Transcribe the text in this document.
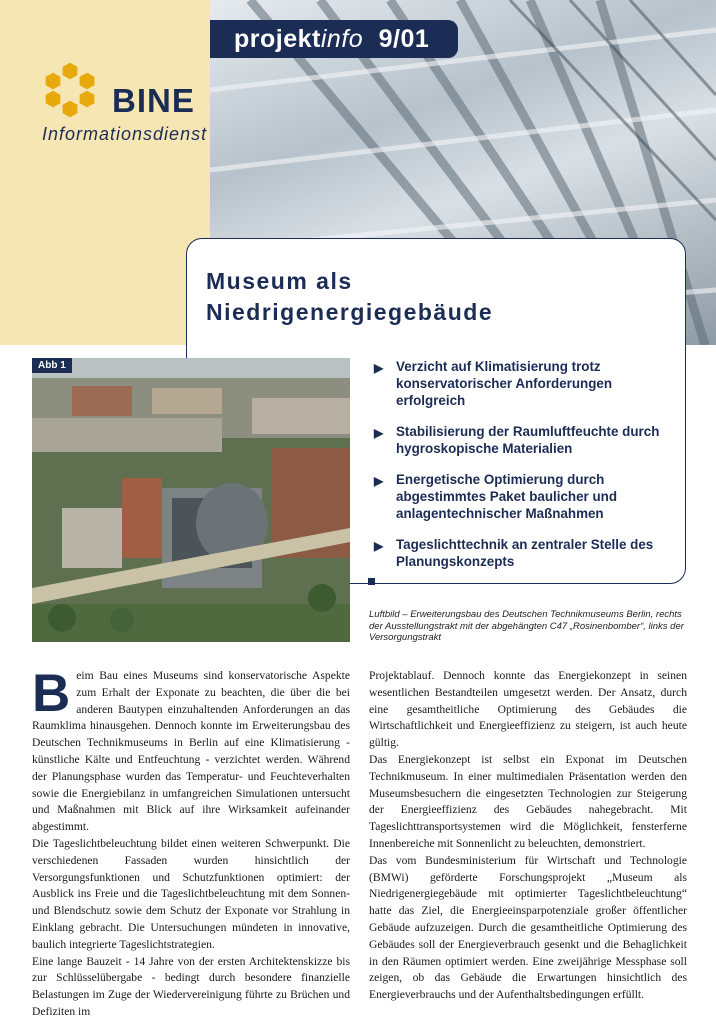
projektinfo 9/01
BINE
Informationsdienst
Museum als
Niedrigenergiegebäude
Abb 1	▶ Verzicht auf Klimatisierung trotz konservatorischer Anforderungen erfolgreich
▶ Stabilisierung der Raumluftfeuchte durch hygroskopische Materialien
▶ Energetische Optimierung durch abgestimmtes Paket baulicher und anlagentechnischer Maßnahmen
▶ Tageslichttechnik an zentraler Stelle des Planungskonzepts

Luftbild – Erweiterungsbau des Deutschen Technikmuseums Berlin, rechts der Ausstellungstrakt mit der abgehängten C47 „Rosinenbomber“, links der Versorgungstrakt

Beim Bau eines Museums sind konservatorische Aspekte zum Erhalt der Exponate zu beachten, die über die bei anderen Bautypen einzuhaltenden Anforderungen an das Raumklima hinausgehen. Dennoch konnte im Erweiterungsbau des Deutschen Technikmuseums in Berlin auf eine Klimatisierung - künstliche Kälte und Entfeuchtung - verzichtet werden. Während der Planungsphase wurden das Temperatur- und Feuchteverhalten sowie die Energiebilanz in umfangreichen Simulationen untersucht und Maßnahmen mit Blick auf ihre Wirksamkeit aufeinander abgestimmt.

Die Tageslichtbeleuchtung bildet einen weiteren Schwerpunkt. Die verschiedenen Fassaden wurden hinsichtlich der Versorgungsfunktionen und Schutzfunktionen optimiert: der Ausblick ins Freie und die Tageslichtbeleuchtung mit dem Sonnen- und Blendschutz sowie dem Schutz der Exponate vor Strahlung in Einklang gebracht. Die Untersuchungen mündeten in innovative, baulich integrierte Tageslichtstrategien.

Eine lange Bauzeit - 14 Jahre von der ersten Architektenskizze bis zur Schlüsselübergabe - bedingt durch besondere finanzielle Belastungen im Zuge der Wiedervereinigung führte zu Brüchen und Defiziten im

Projektablauf. Dennoch konnte das Energiekonzept in seinen wesentlichen Bestandteilen umgesetzt werden. Der Ansatz, durch eine gesamtheitliche Optimierung des Gebäudes die Wirtschaftlichkeit und Energieeffizienz zu steigern, ist auch heute gültig.

Das Energiekonzept ist selbst ein Exponat im Deutschen Technikmuseum. In einer multimedialen Präsentation werden den Museumsbesuchern die eingesetzten Technologien zur Steigerung der Energieeffizienz des Gebäudes nahegebracht. Mit Tageslichttransportsystemen wird die Möglichkeit, fensterferne Innenbereiche mit Sonnenlicht zu beleuchten, demonstriert.

Das vom Bundesministerium für Wirtschaft und Technologie (BMWi) geförderte Forschungsprojekt „Museum als Niedrigenergiegebäude mit optimierter Tageslichtbeleuchtung“ hatte das Ziel, die Energieeinsparpotenziale großer öffentlicher Gebäude aufzuzeigen. Durch die gesamtheitliche Optimierung des Gebäudes soll der Energieverbrauch gesenkt und die Behaglichkeit in den Räumen optimiert werden. Eine zweijährige Messphase soll zeigen, ob das Gebäude die Erwartungen hinsichtlich des Energieverbrauchs und der Aufenthaltsbedingungen erfüllt.
